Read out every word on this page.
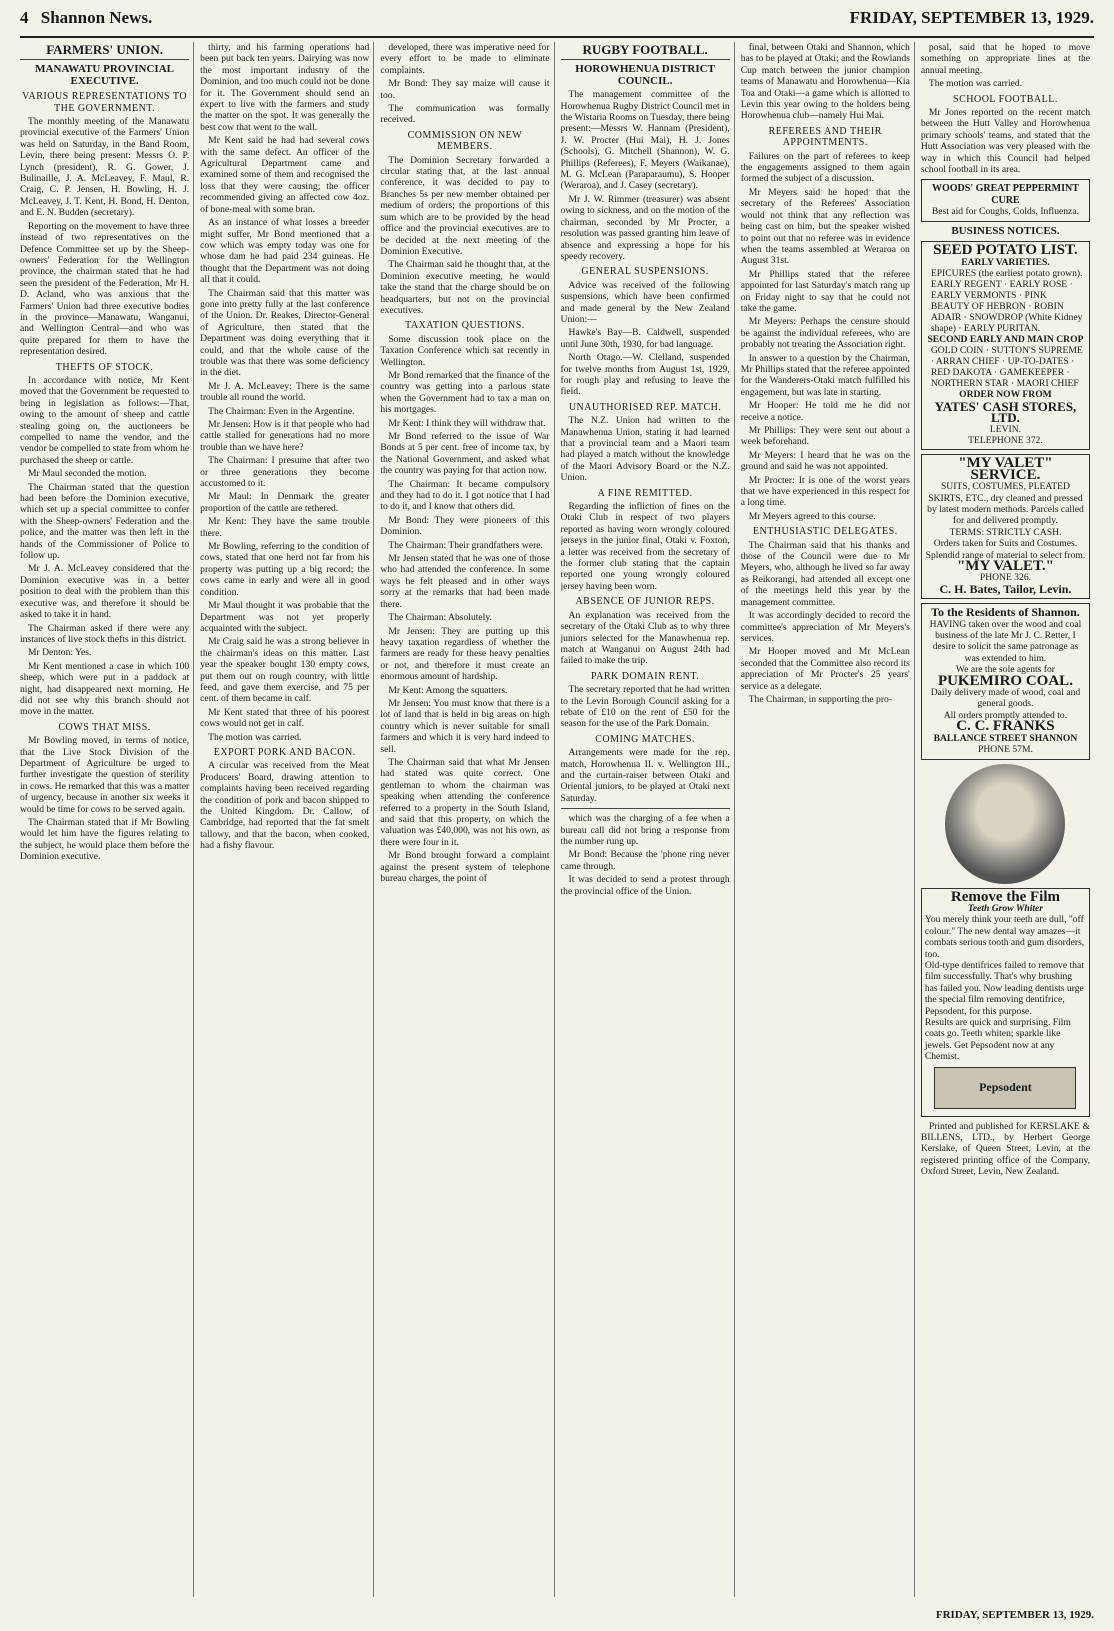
4 Shannon News.	FRIDAY, SEPTEMBER 13, 1929.
FARMERS' UNION.
MANAWATU PROVINCIAL EXECUTIVE.
VARIOUS REPRESENTATIONS TO THE GOVERNMENT.

The monthly meeting of the Manawatu provincial executive of the Farmers' Union was held on Saturday, in the Band Room, Levin, there being present: Messrs O. P. Lynch (president), R. G. Gower, J. Bulinaille, J. A. McLeavey, F. Maul, R. Craig, C. P. Jensen, H. Bowling, H. J. McLeavey, J. T. Kent, H. Bond, H. Denton, and E. N. Budden (secretary).

Reporting on the movement to have three instead of two representatives on the Defence Committee set up by the Sheep-owners' Federation for the Wellington province, the chairman stated that he had seen the president of the Federation, Mr H. D. Acland, who was anxious that the Farmers' Union had three executive bodies in the province—Manawatu, Wanganui, and Wellington Central—and who was quite prepared for them to have the representation desired.

THEFTS OF STOCK.

In accordance with notice, Mr Kent moved that the Government be requested to bring in legislation as follows:—That, owing to the amount of sheep and cattle stealing going on, the auctioneers be compelled to name the vendor, and the vendor be compelled to state from whom he purchased the sheep or cattle.

Mr Maul seconded the motion.

The Chairman stated that the question had been before the Dominion executive, which set up a special committee to confer with the Sheep-owners' Federation and the police, and the matter was then left in the hands of the Commissioner of Police to follow up.

Mr J. A. McLeavey considered that the Dominion executive was in a better position to deal with the problem than this executive was, and therefore it should be asked to take it in hand.

The Chairman asked if there were any instances of live stock thefts in this district.

Mr Denton: Yes.

Mr Kent mentioned a case in which 100 sheep, which were put in a paddock at night, had disappeared next morning. He did not see why this branch should not move in the matter.

COWS THAT MISS.

Mr Bowling moved, in terms of notice, that the Live Stock Division of the Department of Agriculture be urged to further investigate the question of sterility in cows. He remarked that this was a matter of urgency, because in another six weeks it would be time for cows to be served again.

The Chairman stated that if Mr Bowling would let him have the figures relating to the subject, he would place them before the Dominion executive.

thirty, and his farming operations had been put back ten years. Dairying was now the most important industry of the Dominion, and too much could not be done for it. The Government should send an expert to live with the farmers and study the matter on the spot. It was generally the best cow that went to the wall.

Mr Kent said he had had several cows with the same defect. An officer of the Agricultural Department came and examined some of them and recognised the loss that they were causing; the officer recommended giving an affected cow 4oz. of bone-meal with some bran.

As an instance of what losses a breeder might suffer, Mr Bond mentioned that a cow which was empty today was one for whose dam he had paid 234 guineas. He thought that the Department was not doing all that it could.

The Chairman said that this matter was gone into pretty fully at the last conference of the Union. Dr. Reakes, Director-General of Agriculture, then stated that the Department was doing everything that it could, and that the whole cause of the trouble was that there was some deficiency in the diet.

Mr J. A. McLeavey: There is the same trouble all round the world.

The Chairman: Even in the Argentine.

Mr Jensen: How is it that people who had cattle stalled for generations had no more trouble than we have here?

The Chairman: I presume that after two or three generations they become accustomed to it.

Mr Maul: In Denmark the greater proportion of the cattle are tethered.

Mr Kent: They have the same trouble there.

Mr Bowling, referring to the condition of cows, stated that one herd not far from his property was putting up a big record; the cows came in early and were all in good condition.

Mr Maul thought it was probable that the Department was not yet properly acquainted with the subject.

Mr Craig said he was a strong believer in the chairman's ideas on this matter. Last year the speaker bought 130 empty cows, put them out on rough country, with little feed, and gave them exercise, and 75 per cent. of them became in calf.

Mr Kent stated that three of his poorest cows would not get in calf.

The motion was carried.

EXPORT PORK AND BACON.

A circular was received from the Meat Producers' Board, drawing attention to complaints having been received regarding the condition of pork and bacon shipped to the United Kingdom. Dr. Callow, of Cambridge, had reported that the fat smelt tallowy, and that the bacon, when cooked, had a fishy flavour.

developed, there was imperative need for every effort to be made to eliminate complaints.

Mr Bond: They say maize will cause it too.

The communication was formally received.

COMMISSION ON NEW MEMBERS.

The Dominion Secretary forwarded a circular stating that, at the last annual conference, it was decided to pay to Branches 5s per new member obtained per medium of orders; the proportions of this sum which are to be provided by the head office and the provincial executives are to be decided at the next meeting of the Dominion Executive.

The Chairman said he thought that, at the Dominion executive meeting, he would take the stand that the charge should be on headquarters, but not on the provincial executives.

TAXATION QUESTIONS.

Some discussion took place on the Taxation Conference which sat recently in Wellington.

Mr Bond remarked that the finance of the country was getting into a parlous state when the Government had to tax a man on his mortgages.

Mr Kent: I think they will withdraw that.

Mr Bond referred to the issue of War Bonds at 5 per cent. free of income tax, by the National Government, and asked what the country was paying for that action now.

The Chairman: It became compulsory and they had to do it. I got notice that I had to do it, and I know that others did.

Mr Bond: They were pioneers of this Dominion.

The Chairman: Their grandfathers were.

Mr Jensen stated that he was one of those who had attended the conference. In some ways he felt pleased and in other ways sorry at the remarks that had been made there.

The Chairman: Absolutely.

Mr Jensen: They are putting up this heavy taxation regardless of whether the farmers are ready for these heavy penalties or not, and therefore it must create an enormous amount of hardship.

Mr Kent: Among the squatters.

Mr Jensen: You must know that there is a lot of land that is held in big areas on high country which is never suitable for small farmers and which it is very hard indeed to sell.

The Chairman said that what Mr Jensen had stated was quite correct. One gentleman to whom the chairman was speaking when attending the conference referred to a property in the South Island, and said that this property, on which the valuation was £40,000, was not his own, as there were four in it.

Mr Bond brought forward a complaint against the present system of telephone bureau charges, the point of

RUGBY FOOTBALL.
HOROWHENUA DISTRICT COUNCIL.

The management committee of the Horowhenua Rugby District Council met in the Wistaria Rooms on Tuesday, there being present:—Messrs W. Hannam (President), J. W. Procter (Hui Mai), H. J. Jones (Schools), G. Mitchell (Shannon), W. G. Phillips (Referees), F. Meyers (Waikanae), M. G. McLean (Paraparaumu), S. Hooper (Weraroa), and J. Casey (secretary).

Mr J. W. Rimmer (treasurer) was absent owing to sickness, and on the motion of the chairman, seconded by Mr Procter, a resolution was passed granting him leave of absence and expressing a hope for his speedy recovery.

GENERAL SUSPENSIONS.

Advice was received of the following suspensions, which have been confirmed and made general by the New Zealand Union:—

Hawke's Bay—B. Caldwell, suspended until June 30th, 1930, for bad language.

North Otago.—W. Clelland, suspended for twelve months from August 1st, 1929, for rough play and refusing to leave the field.

UNAUTHORISED REP. MATCH.

The N.Z. Union had written to the Manawhenua Union, stating it had learned that a provincial team and a Maori team had played a match without the knowledge of the Maori Advisory Board or the N.Z. Union.

A FINE REMITTED.

Regarding the infliction of fines on the Otaki Club in respect of two players reported as having worn wrongly coloured jerseys in the junior final, Otaki v. Foxton, a letter was received from the secretary of the former club stating that the captain reported one young wrongly coloured jersey having been worn.

ABSENCE OF JUNIOR REPS.

An explanation was received from the secretary of the Otaki Club as to why three juniors selected for the Manawhenua rep. match at Wanganui on August 24th had failed to make the trip.

PARK DOMAIN RENT.

The secretary reported that he had written to the Levin Borough Council asking for a rebate of £10 on the rent of £50 for the season for the use of the Park Domain.

COMING MATCHES.

Arrangements were made for the rep. match, Horowhenua II. v. Wellington III., and the curtain-raiser between Otaki and Oriental juniors, to be played at Otaki next Saturday.

which was the charging of a fee when a bureau call did not bring a response from the number rung up.

Mr Bond: Because the 'phone ring never came through.

It was decided to send a protest through the provincial office of the Union.

final, between Otaki and Shannon, which has to be played at Otaki; and the Rowlands Cup match between the junior champion teams of Manawatu and Horowhenua—Kia Toa and Otaki—a game which is allotted to Levin this year owing to the holders being Horowhenua club—namely Hui Mai.

REFEREES AND THEIR APPOINTMENTS.

Failures on the part of referees to keep the engagements assigned to them again formed the subject of a discussion.

Mr Meyers said he hoped that the secretary of the Referees' Association would not think that any reflection was being cast on him, but the speaker wished to point out that no referee was in evidence when the teams assembled at Weraroa on August 31st.

Mr Phillips stated that the referee appointed for last Saturday's match rang up on Friday night to say that he could not take the game.

Mr Meyers: Perhaps the censure should be against the individual referees, who are probably not treating the Association right.

In answer to a question by the Chairman, Mr Phillips stated that the referee appointed for the Wanderers-Otaki match fulfilled his engagement, but was late in starting.

Mr Hooper: He told me he did not receive a notice.

Mr Phillips: They were sent out about a week beforehand.

Mr Meyers: I heard that he was on the ground and said he was not appointed.

Mr Procter: It is one of the worst years that we have experienced in this respect for a long time.

Mr Meyers agreed to this course.

ENTHUSIASTIC DELEGATES.

The Chairman said that his thanks and those of the Council were due to Mr Meyers, who, although he lived so far away as Reikorangi, had attended all except one of the meetings held this year by the management committee.

It was accordingly decided to record the committee's appreciation of Mr Meyers's services.

Mr Hooper moved and Mr McLean seconded that the Committee also record its appreciation of Mr Procter's 25 years' service as a delegate.

The Chairman, in supporting the pro-

posal, said that he hoped to move something on appropriate lines at the annual meeting.

The motion was carried.

SCHOOL FOOTBALL.

Mr Jones reported on the recent match between the Hutt Valley and Horowhenua primary schools' teams, and stated that the Hutt Association was very pleased with the way in which this Council had helped school football in its area.

WOODS' GREAT PEPPERMINT CURE
Best aid for Coughs, Colds, Influenza.
BUSINESS NOTICES.
SEED POTATO LIST.
EARLY VARIETIES.
EPICURES (the earliest potato grown). EARLY REGENT · EARLY ROSE · EARLY VERMONTS · PINK BEAUTY OF HEBRON · ROBIN ADAIR · SNOWDROP (White Kidney shape) · EARLY PURITAN.
SECOND EARLY AND MAIN CROP
GOLD COIN · SUTTON'S SUPREME · ARRAN CHIEF · UP-TO-DATES · RED DAKOTA · GAMEKEEPER · NORTHERN STAR · MAORI CHIEF
ORDER NOW FROM
YATES' CASH STORES, LTD.
LEVIN.
TELEPHONE 372.
"MY VALET" SERVICE.
SUITS, COSTUMES, PLEATED SKIRTS, ETC., dry cleaned and pressed by latest modern methods. Parcels called for and delivered promptly.
TERMS: STRICTLY CASH.
Orders taken for Suits and Costumes. Splendid range of material to select from.
"MY VALET."
PHONE 326.
C. H. Bates, Tailor, Levin.
To the Residents of Shannon.
HAVING taken over the wood and coal business of the late Mr J. C. Retter, I desire to solicit the same patronage as was extended to him.
We are the sole agents for
PUKEMIRO COAL.
Daily delivery made of wood, coal and general goods.
All orders promptly attended to.
C. C. FRANKS
BALLANCE STREET SHANNON
PHONE 57M.
Remove the Film
Teeth Grow Whiter
You merely think your teeth are dull, "off colour." The new dental way amazes—it combats serious tooth and gum disorders, too.
Old-type dentifrices failed to remove that film successfully. That's why brushing has failed you. Now leading dentists urge the special film removing dentifrice, Pepsodent, for this purpose.
Results are quick and surprising. Film coats go. Teeth whiten; sparkle like jewels. Get Pepsodent now at any Chemist.
Pepsodent

Printed and published for KERSLAKE & BILLENS, LTD., by Herbert George Kerslake, of Queen Street, Levin, at the registered printing office of the Company, Oxford Street, Levin, New Zealand.

FRIDAY, SEPTEMBER 13, 1929.
